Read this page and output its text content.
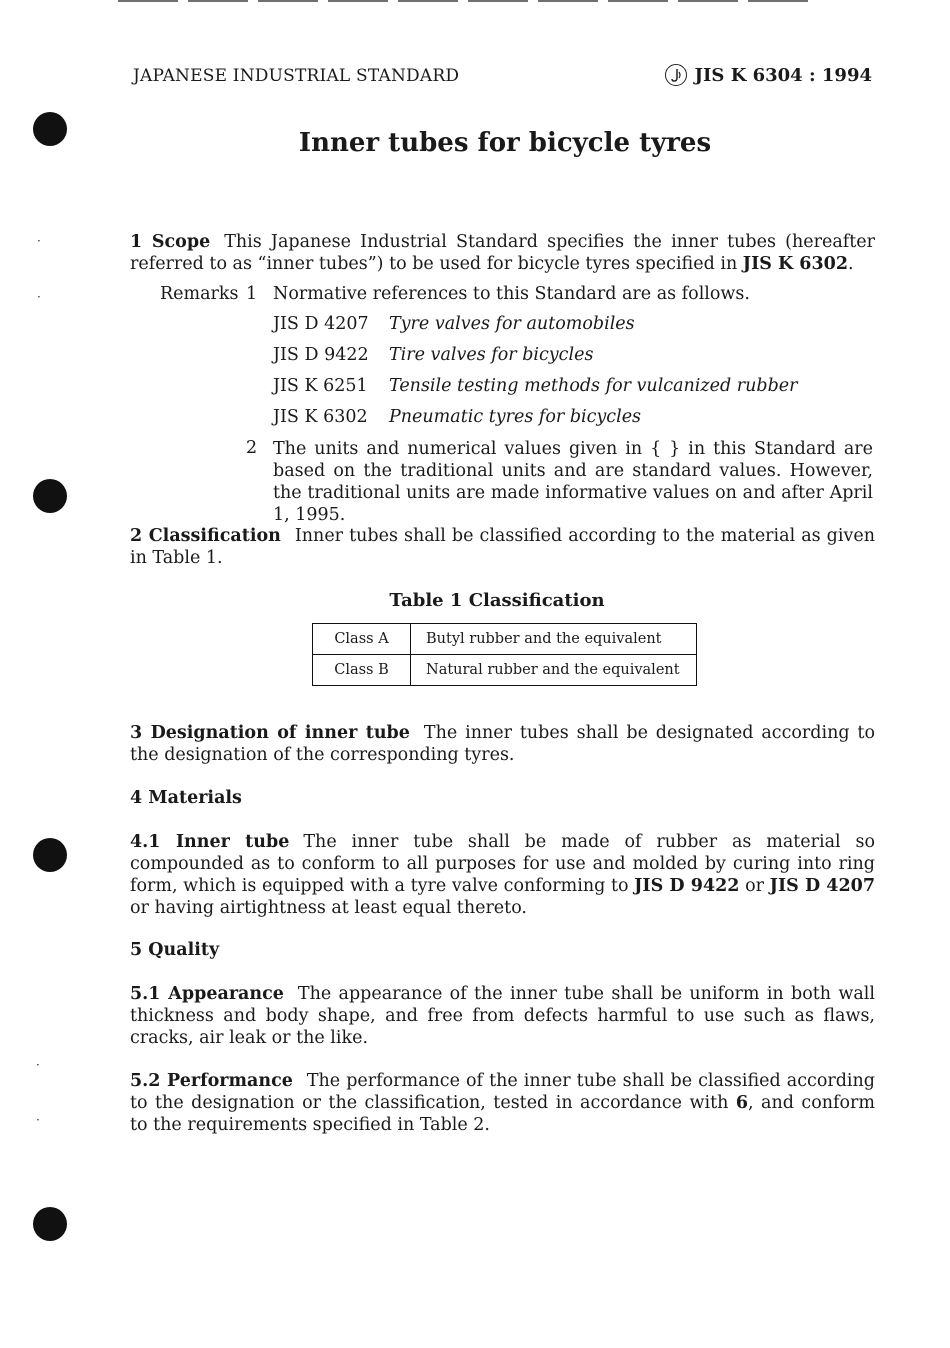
·
·
·
·
JAPANESE INDUSTRIAL STANDARD	JIS K 6304 : 1994
Inner tubes for bicycle tyres

1 Scope This Japanese Industrial Standard specifies the inner tubes (hereafter referred to as “inner tubes”) to be used for bicycle tyres specified in JIS K 6302.

Remarks 1 Normative references to this Standard are as follows.
JIS D 4207	Tyre valves for automobiles
JIS D 9422	Tire valves for bicycles
JIS K 6251	Tensile testing methods for vulcanized rubber
JIS K 6302	Pneumatic tyres for bicycles
2 The units and numerical values given in { } in this Standard are based on the traditional units and are standard values. However, the traditional units are made informative values on and after April 1, 1995.

2 Classification Inner tubes shall be classified according to the material as given in Table 1.

Table 1 Classification
Class A	Butyl rubber and the equivalent
Class B	Natural rubber and the equivalent

3 Designation of inner tube The inner tubes shall be designated according to the designation of the corresponding tyres.

4 Materials

4.1 Inner tube The inner tube shall be made of rubber as material so compounded as to conform to all purposes for use and molded by curing into ring form, which is equipped with a tyre valve conforming to JIS D 9422 or JIS D 4207 or having airtightness at least equal thereto.

5 Quality

5.1 Appearance The appearance of the inner tube shall be uniform in both wall thickness and body shape, and free from defects harmful to use such as flaws, cracks, air leak or the like.

5.2 Performance The performance of the inner tube shall be classified according to the designation or the classification, tested in accordance with 6, and conform to the requirements specified in Table 2.
